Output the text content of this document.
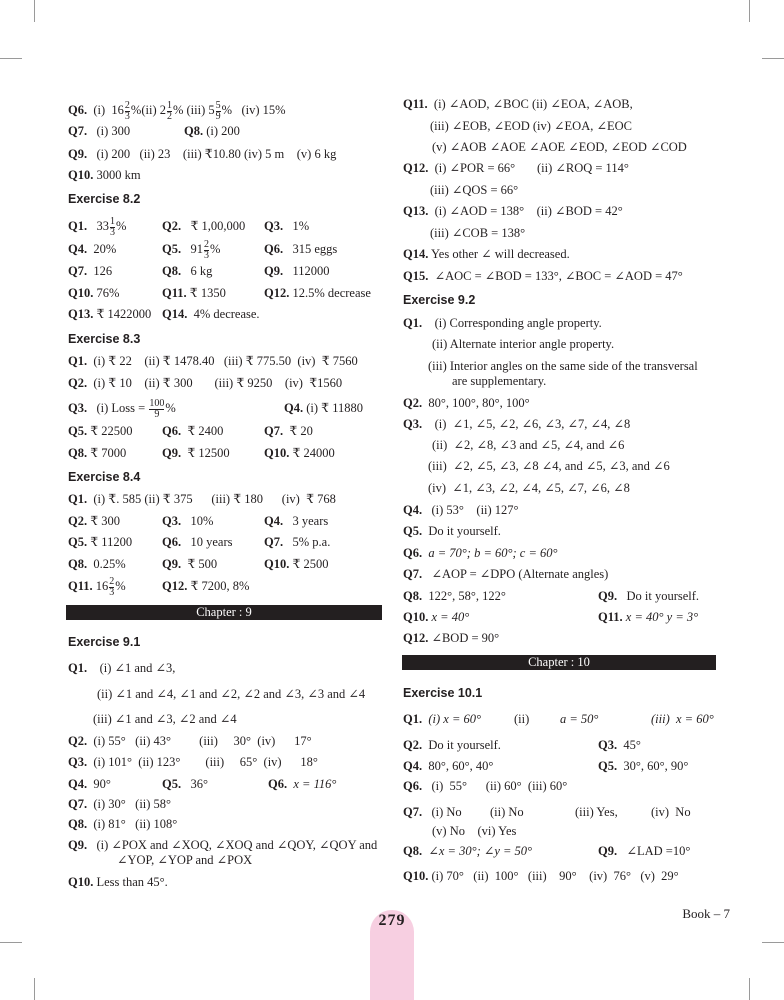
Q6. (i) $16 \frac{2}{3} \%(ii)$ $2 \frac{1}{2}$ % (iii) $5 \frac{5}{9}$ % (iv) 15%
Q7. (i) 300	Q8. (i) 200
Q9. (i) 200   (ii) 23    (iii) ₹10.80 (iv) 5 m    (v) 6 kg
Q10. 3000 km
Exercise 8.2
Q1. $33 \frac{1}{3}$ %	Q2. ₹ 1,00,000 Q3. 1%
Q4. 20%	Q5. $91 \frac{2}{3}$ %	Q6. 315 eggs
Q7. 126	Q8. 6 kg	Q9. 112000
Q10. 76%	Q11. ₹ 1350	Q12. 12.5% decrease
Q13. ₹ 1422000 Q14. 4% decrease.
Exercise 8.3
Q1. (i) ₹ 22    (ii) ₹ 1478.40   (iii) ₹ 775.50  (iv)  ₹ 7560
Q2. (i) ₹ 10    (ii) ₹ 300       (iii) ₹ 9250    (iv)  ₹1560
Q3. (i) Loss = $\frac{100}{9}$ %	Q4. (i) ₹ 11880
Q5. ₹ 22500 Q6. ₹ 2400	Q7. ₹ 20
Q8. ₹ 7000	Q9. ₹ 12500	Q10. ₹ 24000
Exercise 8.4
Q1. (i) ₹. 585 (ii) ₹ 375      (iii) ₹ 180      (iv)  ₹ 768
Q2. ₹ 300	Q3. 10%	Q4. 3 years
Q5. ₹ 11200 Q6. 10 years	Q7. 5% p.a.
Q8. 0.25%	Q9. ₹ 500	Q10. ₹ 2500
Q11. $16 \frac{2}{3}$ %	Q12. ₹ 7200, 8%
Chapter : 9
Exercise 9.1
Q1. (i) ∠1 and ∠3,
(ii) ∠1 and ∠4, ∠1 and ∠2, ∠2 and ∠3, ∠3 and ∠4
(iii) ∠1 and ∠3, ∠2 and ∠4
Q2. (i) 55°   (ii) 43°         (iii)     30°  (iv)      17°
Q3. (i) 101°  (ii) 123°        (iii)     65°  (iv)      18°
Q4. 90°	Q5. 36°	Q6. x = 116°
Q7. (i) 30°   (ii) 58°
Q8. (i) 81°   (ii) 108°
Q9. (i) ∠POX and ∠XOQ, ∠XOQ and ∠QOY, ∠QOY and
∠YOP, ∠YOP and ∠POX
Q10. Less than 45°.
Q11. (i) ∠AOD, ∠BOC (ii) ∠EOA, ∠AOB,
(iii) ∠EOB, ∠EOD (iv) ∠EOA, ∠EOC
(v) ∠AOB ∠AOE ∠AOE ∠EOD, ∠EOD ∠COD
Q12. (i) ∠POR = 66°       (ii) ∠ROQ = 114°
(iii) ∠QOS = 66°
Q13. (i) ∠AOD = 138°    (ii) ∠BOD = 42°
(iii) ∠COB = 138°
Q14. Yes other ∠ will decreased.
Q15. ∠AOC = ∠BOD = 133°, ∠BOC = ∠AOD = 47°
Exercise 9.2
Q1. (i) Corresponding angle property.
(ii) Alternate interior angle property.
(iii) Interior angles on the same side of the transversal
are supplementary.
Q2. 80°, 100°, 80°, 100°
Q3. (i)  ∠1, ∠5, ∠2, ∠6, ∠3, ∠7, ∠4, ∠8
(ii)  ∠2, ∠8, ∠3 and ∠5, ∠4, and ∠6
(iii)  ∠2, ∠5, ∠3, ∠8 ∠4, and ∠5, ∠3, and ∠6
(iv)  ∠1, ∠3, ∠2, ∠4, ∠5, ∠7, ∠6, ∠8
Q4. (i) 53°    (ii) 127°
Q5. Do it yourself.
Q6. a = 70°; b = 60°; c = 60°
Q7. ∠AOP = ∠DPO (Alternate angles)
Q8. 122°, 58°, 122°	Q9. Do it yourself.
Q10. x = 40°	Q11. x = 40° y = 3°
Q12. ∠BOD = 90°
Chapter : 10
Exercise 10.1
Q1. (i) x = 60°	(ii) a = 50°	(iii)  x = 60°
Q2. Do it yourself.	Q3. 45°
Q4. 80°, 60°, 40°	Q5. 30°, 60°, 90°
Q6. (i)  55°      (ii) 60°  (iii) 60°
Q7. (i) No (ii) No	(iii) Yes,	(iv)  No
(v) No    (vi) Yes
Q8. ∠x = 30°; ∠y = 50°	Q9. ∠LAD =10°
Q10. (i) 70°   (ii)  100°   (iii)    90°    (iv)  76°   (v)  29°
279	Book – 7
